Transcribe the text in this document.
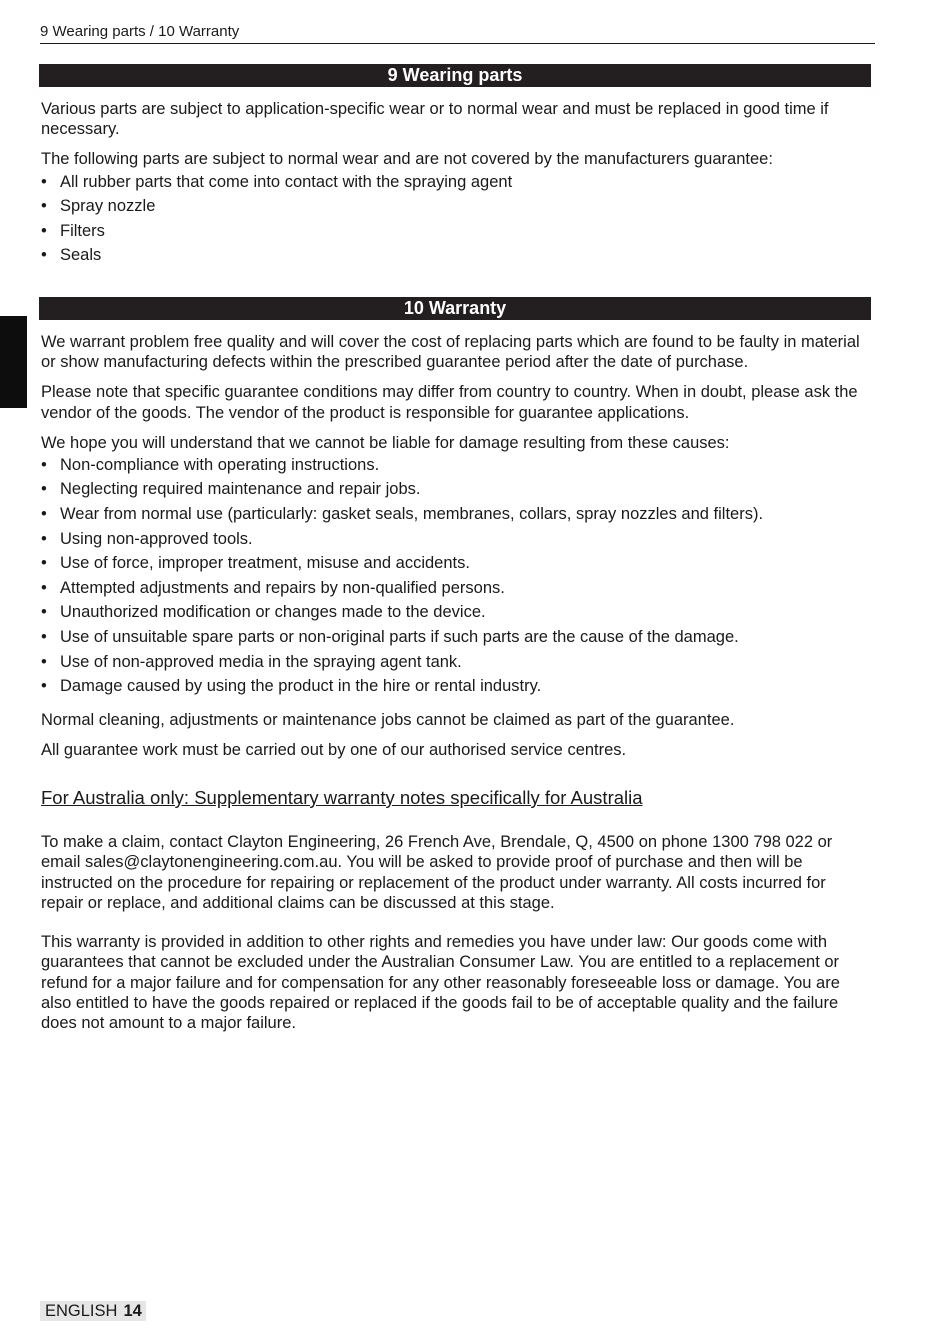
9 Wearing parts / 10 Warranty
9 Wearing parts

Various parts are subject to application-specific wear or to normal wear and must be replaced in good time if necessary.

The following parts are subject to normal wear and are not covered by the manufacturers guarantee:

• All rubber parts that come into contact with the spraying agent
• Spray nozzle
• Filters
• Seals
10 Warranty

We warrant problem free quality and will cover the cost of replacing parts which are found to be faulty in material or show manufacturing defects within the prescribed guarantee period after the date of purchase.

Please note that specific guarantee conditions may differ from country to country. When in doubt, please ask the vendor of the goods. The vendor of the product is responsible for guarantee applications.

We hope you will understand that we cannot be liable for damage resulting from these causes:

• Non-compliance with operating instructions.
• Neglecting required maintenance and repair jobs.
• Wear from normal use (particularly: gasket seals, membranes, collars, spray nozzles and filters).
• Using non-approved tools.
• Use of force, improper treatment, misuse and accidents.
• Attempted adjustments and repairs by non-qualified persons.
• Unauthorized modification or changes made to the device.
• Use of unsuitable spare parts or non-original parts if such parts are the cause of the damage.
• Use of non-approved media in the spraying agent tank.
• Damage caused by using the product in the hire or rental industry.

Normal cleaning, adjustments or maintenance jobs cannot be claimed as part of the guarantee.

All guarantee work must be carried out by one of our authorised service centres.

For Australia only: Supplementary warranty notes specifically for Australia

To make a claim, contact Clayton Engineering, 26 French Ave, Brendale, Q, 4500 on phone 1300 798 022 or email sales@claytonengineering.com.au. You will be asked to provide proof of purchase and then will be instructed on the procedure for repairing or replacement of the product under warranty. All costs incurred for repair or replace, and additional claims can be discussed at this stage.

This warranty is provided in addition to other rights and remedies you have under law: Our goods come with guarantees that cannot be excluded under the Australian Consumer Law. You are entitled to a replacement or refund for a major failure and for compensation for any other reasonably foreseeable loss or damage. You are also entitled to have the goods repaired or replaced if the goods fail to be of acceptable quality and the failure does not amount to a major failure.

ENGLISH 14
